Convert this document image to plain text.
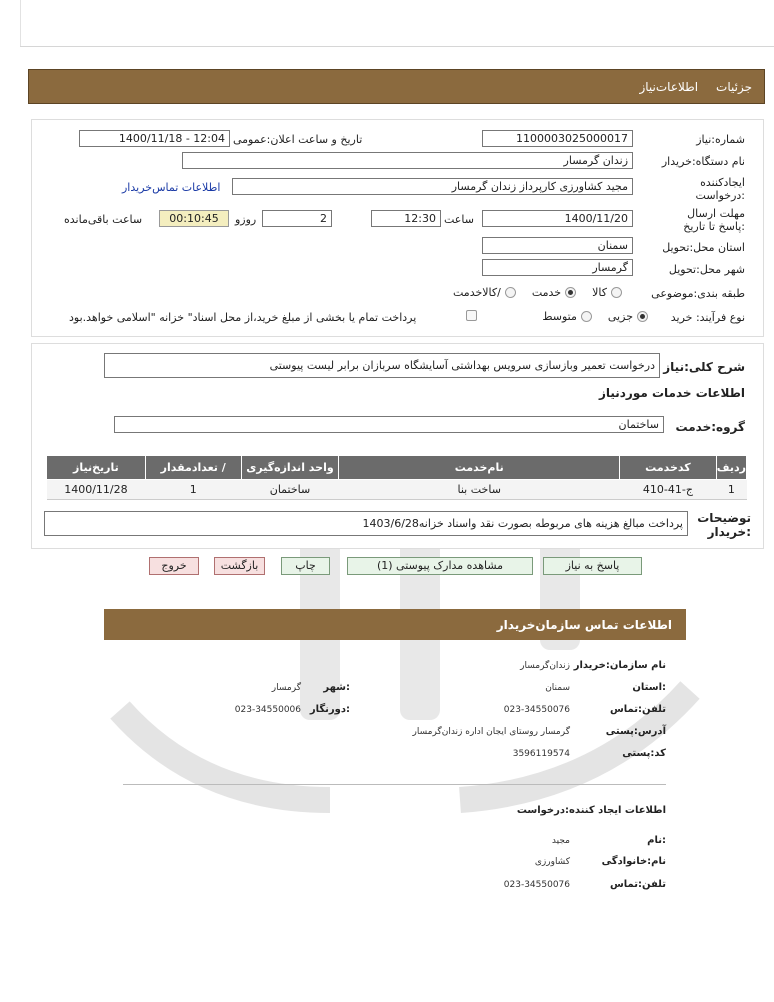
جزئیات
اطلاعات‌نیاز
شماره:نیاز
1100003025000017
تاریخ و ساعت اعلان:عمومی
1400/11/18 - 12:04
نام دستگاه:خریدار
زندان گرمسار
ایجادکننده :درخواست
مجید کشاورزی کارپرداز زندان گرمسار
اطلاعات تماس‌خریدار
مهلت ارسال :پاسخ تا تاریخ
1400/11/20
ساعت
12:30
2
روزو
00:10:45
ساعت باقی‌مانده
استان محل:تحویل
سمنان
شهر محل:تحویل
گرمسار
طبقه بندی:موضوعی
کالا
خدمت
/کالاخدمت
نوع فرآیند: خرید
جزیی
متوسط
پرداخت تمام یا بخشی از مبلغ خرید،از محل اسناد" خزانه "اسلامی خواهد.بود
شرح کلی:نیاز
درخواست تعمیر وبازسازی سرویس بهداشتی آسایشگاه سربازان برابر لیست پیوستی
اطلاعات خدمات موردنیاز
گروه:خدمت
ساختمان
ردیف	کدخدمت	نام‌خدمت	واحد اندازه‌گیری	/ تعدادمقدار	تاریخ‌نیاز
1	ج-41-410	ساخت بنا	ساختمان	1	1400/11/28
توضیحات :خریدار
پرداخت مبالغ هزینه های مربوطه بصورت نقد واسناد خزانه1403/6/28
پاسخ به نیاز
مشاهده مدارک پیوستی (1)
چاپ
بازگشت
خروج
اطلاعات تماس سازمان‌خریدار
نام سازمان:خریدار
زندان‌گرمسار
:استان
سمنان
:شهر
گرمسار
تلفن:تماس
023-34550076
:دورنگار
023-34550006
آدرس:پستی
گرمسار روستای ایجان اداره زندان‌گرمسار
کد:پستی
3596119574
اطلاعات ایجاد کننده:درخواست
:نام
مجید
نام:خانوادگی
کشاورزی
تلفن:تماس
023-34550076
